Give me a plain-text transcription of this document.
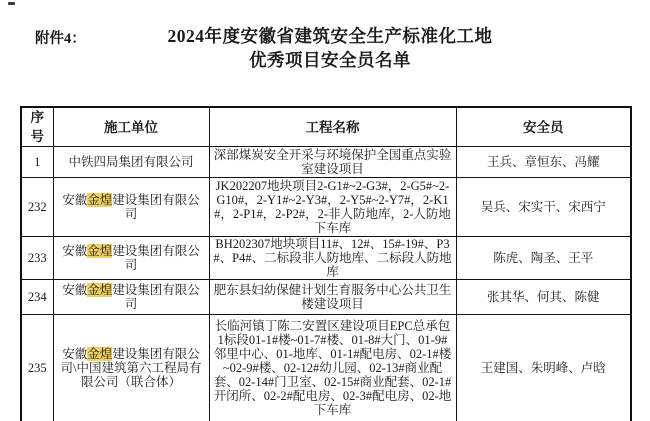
附件4：	2024年度安徽省建筑安全生产标准化工地
优秀项目安全员名单
序号	施工单位	工程名称	安全员
1	中铁四局集团有限公司	深部煤炭安全开采与环境保护全国重点实验室建设项目	王兵、章恒东、冯耀
232	安徽金煌建设集团有限公司	JK202207地块项目2-G1#~2-G3#，2-G5#~2-G10#，2-Y1#~2-Y3#，2-Y5#~2-Y7#，2-K1#，2-P1#，2-P2#，2-非人防地库，2-人防地下车库	吴兵、宋实干、宋西宁
233	安徽金煌建设集团有限公司	BH202307地块项目11#、12#、15#-19#、P3#、P4#、二标段非人防地库、二标段人防地库	陈虎、陶圣、王平
234	安徽金煌建设集团有限公司	肥东县妇幼保健计划生育服务中心公共卫生楼建设项目	张其华、何其、陈健
235	安徽金煌建设集团有限公司\中国建筑第六工程局有限公司（联合体）	长临河镇丁陈二安置区建设项目EPC总承包1标段01-1#楼~01-7#楼、01-8#大门、01-9#邻里中心、01-地库、01-1#配电房、02-1#楼~02-9#楼、02-12#幼儿园、02-13#商业配套、02-14#门卫室、02-15#商业配套、02-1#开闭所、02-2#配电房、02-3#配电房、02-地下车库	王建国、朱明峰、卢晗
